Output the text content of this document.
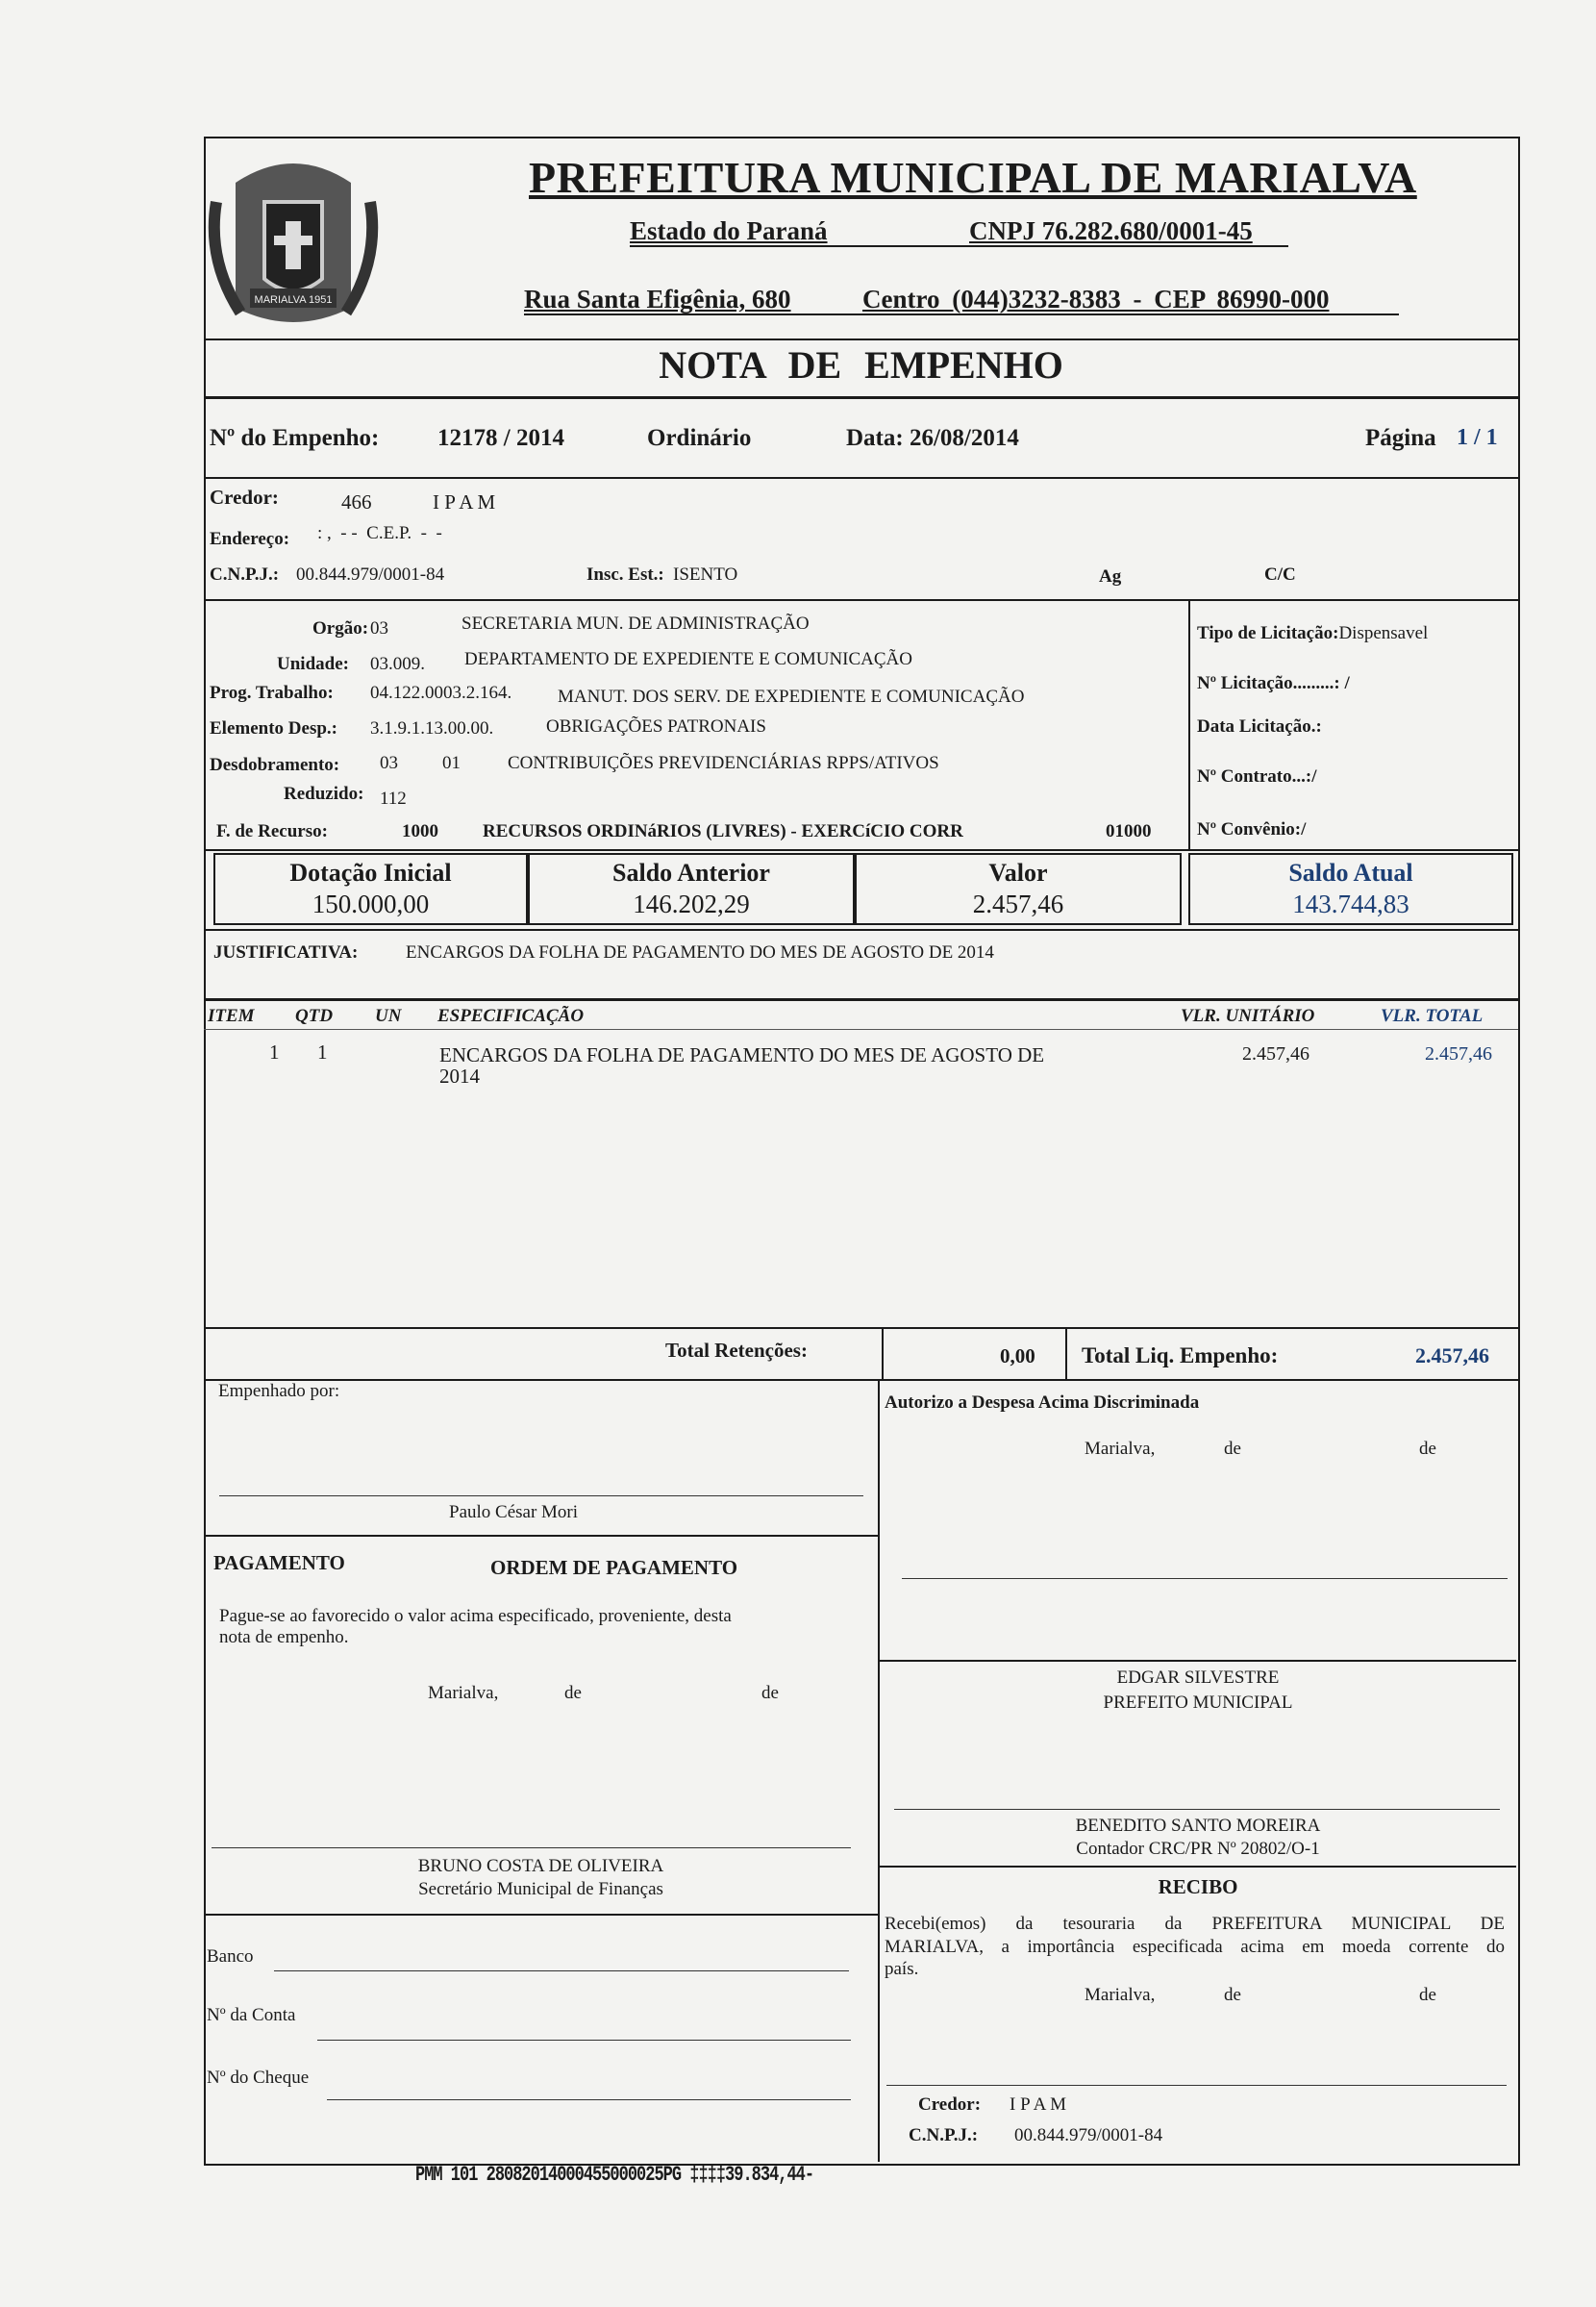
MARIALVA 1951
PREFEITURA MUNICIPAL DE MARIALVA
Estado do Paraná	CNPJ 76.282.680/0001-45
Rua Santa Efigênia, 680	Centro (044)3232-8383 - CEP 86990-000
NOTA DE EMPENHO
Nº do Empenho: 12178 / 2014	Ordinário	Data: 26/08/2014	Página 1 / 1
Credor:	466	I P A M
Endereço: : ,  - -  C.E.P.  -  -
C.N.P.J.: 00.844.979/0001-84	Insc. Est.: ISENTO	Ag	C/C
Orgão: 03	SECRETARIA MUN. DE ADMINISTRAÇÃO
Unidade: 03.009. DEPARTAMENTO DE EXPEDIENTE E COMUNICAÇÃO
Prog. Trabalho: 04.122.0003.2.164.	MANUT. DOS SERV. DE EXPEDIENTE E COMUNICAÇÃO
Elemento Desp.: 3.1.9.1.13.00.00.	OBRIGAÇÕES PATRONAIS
Desdobramento: 03 01	CONTRIBUIÇÕES PREVIDENCIÁRIAS RPPS/ATIVOS
Reduzido: 112
F. de Recurso:	1000 RECURSOS ORDINáRIOS (LIVRES) - EXERCíCIO CORR	01000
Tipo de Licitação:Dispensavel
Nº Licitação.........: /
Data Licitação.:
Nº Contrato...:/
Nº Convênio:/
Dotação Inicial
150.000,00
Saldo Anterior
146.202,29
Valor
2.457,46
Saldo Atual
143.744,83
JUSTIFICATIVA:	ENCARGOS DA FOLHA DE PAGAMENTO DO MES DE AGOSTO DE 2014
ITEM QTD UN ESPECIFICAÇÃO	VLR. UNITÁRIO	VLR. TOTAL
1 1	ENCARGOS DA FOLHA DE PAGAMENTO DO MES DE AGOSTO DE
2014
2.457,46	2.457,46
Total Retenções:	0,00 Total Liq. Empenho:	2.457,46
Empenhado por:
Paulo César Mori
Autorizo a Despesa Acima Discriminada
Marialva,	de	de
EDGAR SILVESTRE
PREFEITO MUNICIPAL
BENEDITO SANTO MOREIRA
Contador CRC/PR Nº 20802/O-1
PAGAMENTO	ORDEM DE PAGAMENTO
Pague-se ao favorecido o valor acima especificado, proveniente, desta
nota de empenho.
Marialva,	de	de
BRUNO COSTA DE OLIVEIRA
Secretário Municipal de Finanças
Banco
Nº da Conta
Nº do Cheque
RECIBO
Recebi(emos) da tesouraria da PREFEITURA MUNICIPAL DE
MARIALVA, a importância especificada acima em moeda corrente do
país.
Marialva,	de	de
Credor: I P A M
C.N.P.J.: 00.844.979/0001-84
PMM 101 28082014000455000025PG ‡‡‡‡39.834,44-
